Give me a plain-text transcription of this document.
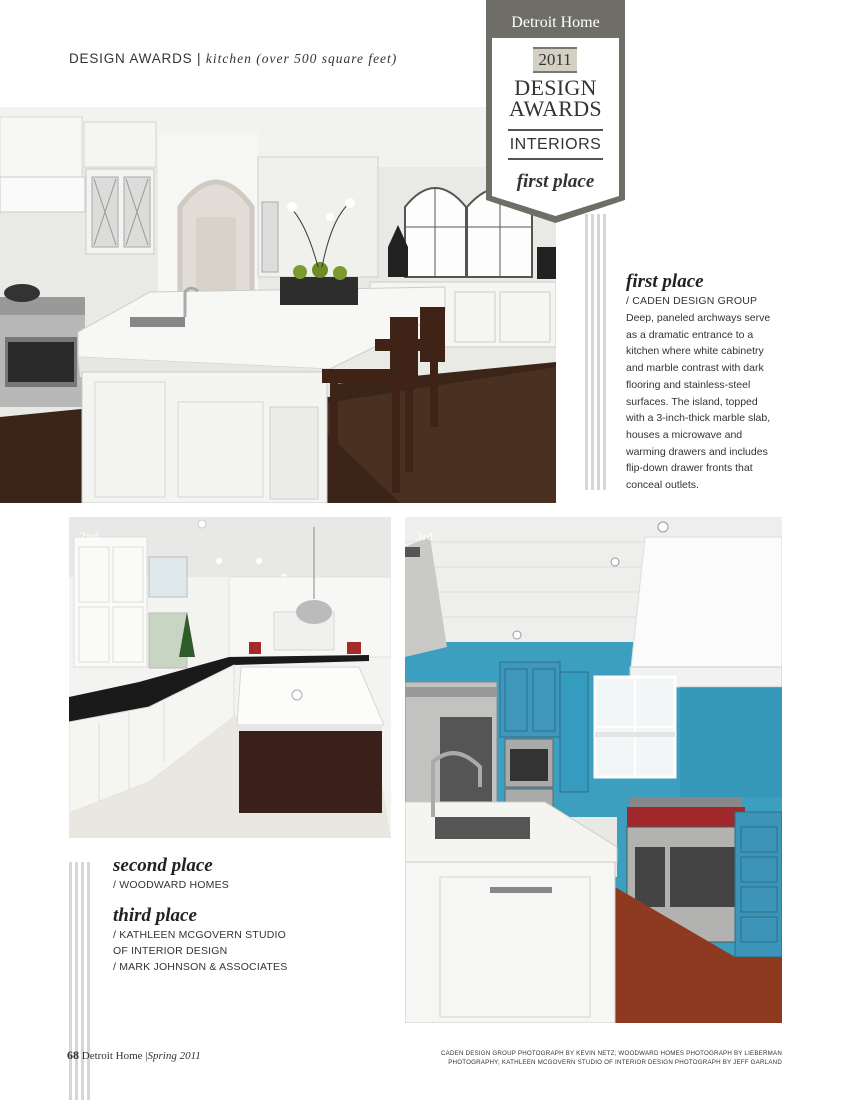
DESIGN AWARDS | kitchen (over 500 square feet)
Detroit Home
2011
DESIGN
AWARDS
INTERIORS
first place
first place
/ CADEN DESIGN GROUP
Deep, paneled archways serve
as a dramatic entrance to a
kitchen where white cabinetry
and marble contrast with dark
flooring and stainless-steel
surfaces. The island, topped
with a 3-inch-thick marble slab,
houses a microwave and
warming drawers and includes
flip-down drawer fronts that
conceal outlets.
2nd	3rd
second place
/ WOODWARD HOMES
third place
/ KATHLEEN MCGOVERN STUDIO
OF INTERIOR DESIGN
/ MARK JOHNSON & ASSOCIATES
68 Detroit Home |Spring 2011	CADEN DESIGN GROUP PHOTOGRAPH BY KEVIN NETZ; WOODWARD HOMES PHOTOGRAPH BY LIEBERMAN
PHOTOGRAPHY; KATHLEEN MCGOVERN STUDIO OF INTERIOR DESIGN PHOTOGRAPH BY JEFF GARLAND
